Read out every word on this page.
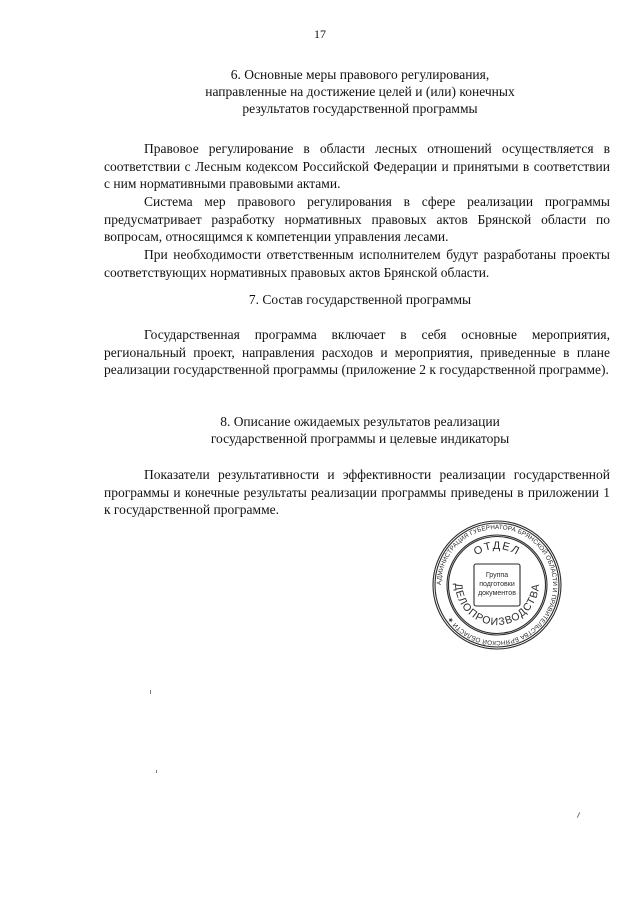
17
6. Основные меры правового регулирования,
направленные на достижение целей и (или) конечных
результатов государственной программы

Правовое регулирование в области лесных отношений осуществляется в соответствии с Лесным кодексом Российской Федерации и принятыми в соответствии с ним нормативными правовыми актами.

Система мер правового регулирования в сфере реализации программы предусматривает разработку нормативных правовых актов Брянской области по вопросам, относящимся к компетенции управления лесами.

При необходимости ответственным исполнителем будут разработаны проекты соответствующих нормативных правовых актов Брянской области.

7. Состав государственной программы

Государственная программа включает в себя основные мероприятия, региональный проект, направления расходов и мероприятия, приведенные в плане реализации государственной программы (приложение 2 к государственной программе).

8. Описание ожидаемых результатов реализации
государственной программы и целевые индикаторы

Показатели результативности и эффективности реализации государственной программы и конечные результаты реализации программы приведены в приложении 1 к государственной программе.

АДМИНИСТРАЦИЯ ГУБЕРНАТОРА БРЯНСКОЙ ОБЛАСТИ И ПРАВИТЕЛЬСТВА БРЯНСКОЙ ОБЛАСТИ ★
ОТДЕЛ
ДЕЛОПРОИЗВОДСТВА
Группа
подготовки
документов
